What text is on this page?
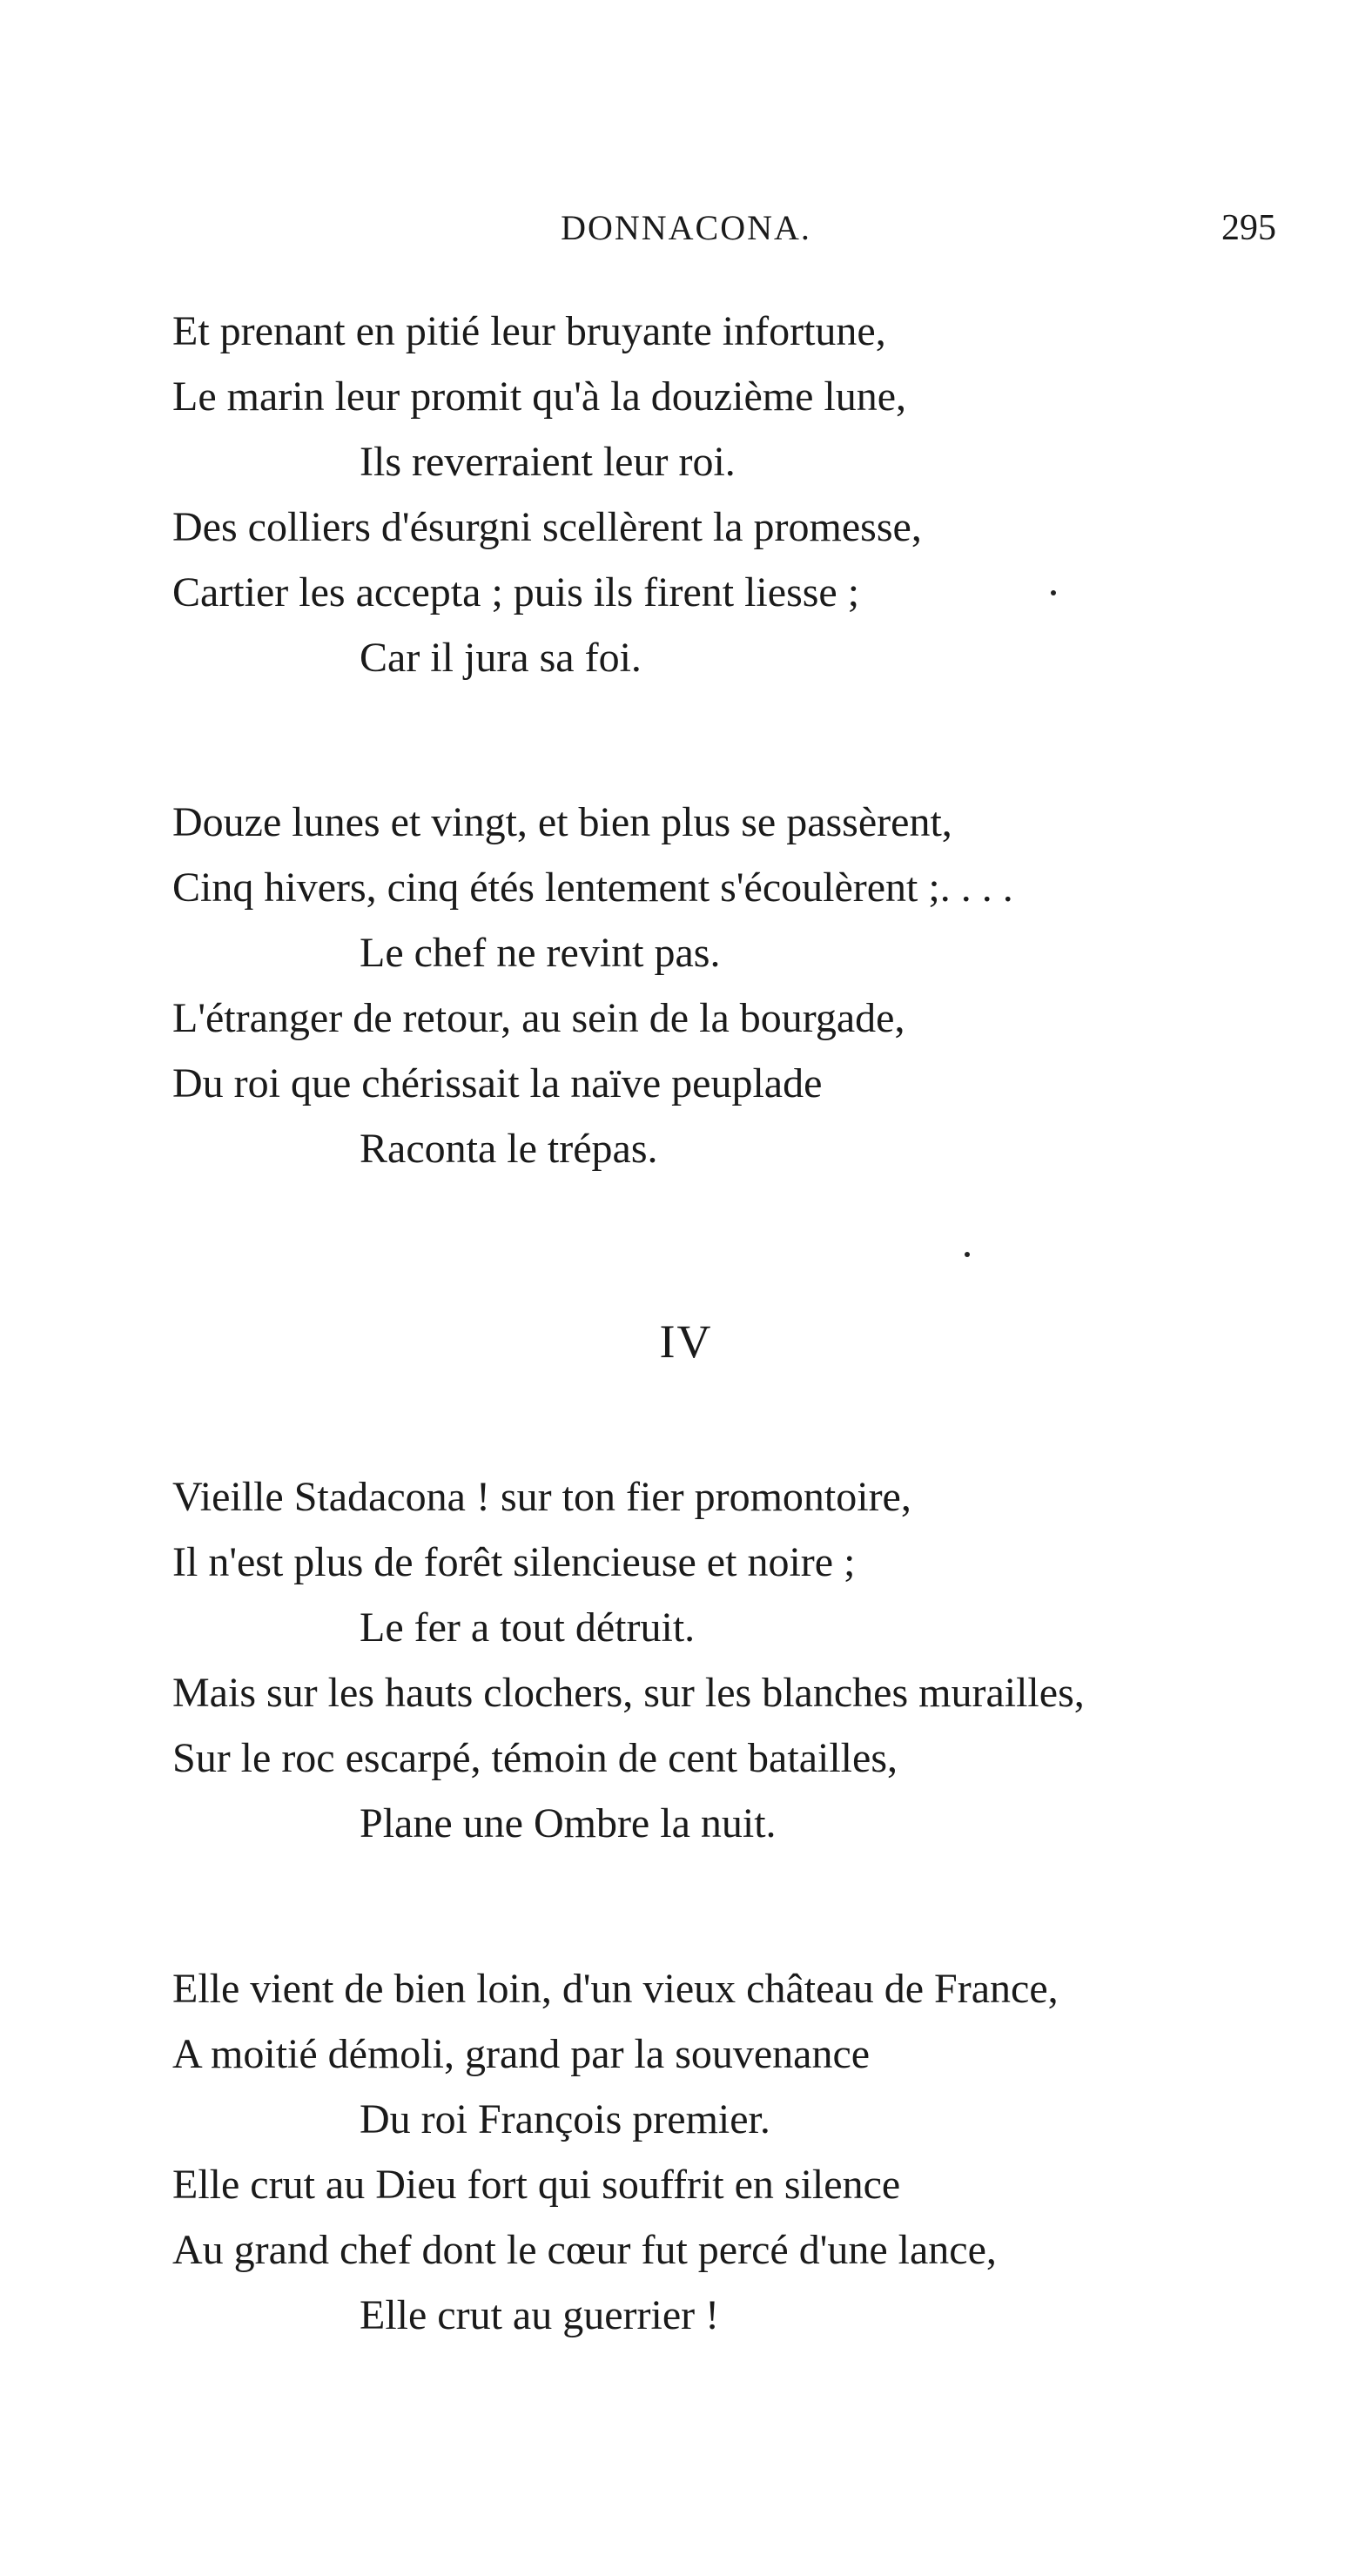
DONNACONA.	295
Et prenant en pitié leur bruyante infortune,
Le marin leur promit qu'à la douzième lune,
Ils reverraient leur roi.
Des colliers d'ésurgni scellèrent la promesse,
Cartier les accepta ; puis ils firent liesse ;
Car il jura sa foi.
Douze lunes et vingt, et bien plus se passèrent,
Cinq hivers, cinq étés lentement s'écoulèrent ;. . . .
Le chef ne revint pas.
L'étranger de retour, au sein de la bourgade,
Du roi que chérissait la naïve peuplade
Raconta le trépas.
IV
Vieille Stadacona ! sur ton fier promontoire,
Il n'est plus de forêt silencieuse et noire ;
Le fer a tout détruit.
Mais sur les hauts clochers, sur les blanches murailles,
Sur le roc escarpé, témoin de cent batailles,
Plane une Ombre la nuit.
Elle vient de bien loin, d'un vieux château de France,
A moitié démoli, grand par la souvenance
Du roi François premier.
Elle crut au Dieu fort qui souffrit en silence
Au grand chef dont le cœur fut percé d'une lance,
Elle crut au guerrier !
